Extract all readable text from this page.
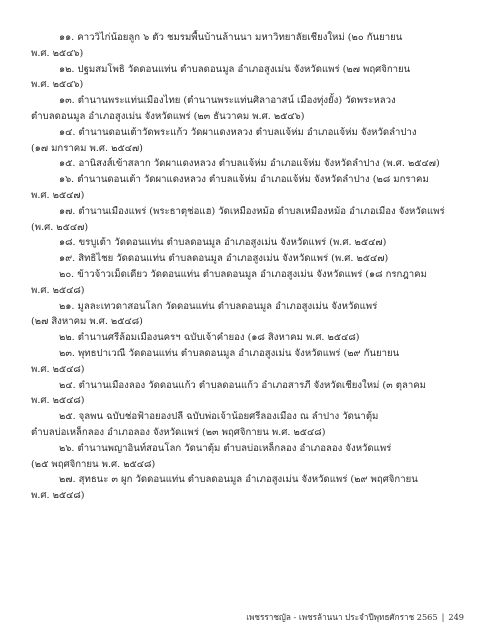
๑๑. คาววิไก่น้อยลูก ๖ ตัว ชมรมพื้นบ้านล้านนา มหาวิทยาลัยเชียงใหม่ (๒๐ กันยายน
พ.ศ. ๒๕๔๖)
๑๒. ปฐมสมโพธิ วัดดอนแท่น ตำบลดอนมูล อำเภอสูงเม่น จังหวัดแพร่ (๒๗ พฤศจิกายน
พ.ศ. ๒๕๔๖)
๑๓. ตำนานพระแท่นเมืองไทย (ตำนานพระแท่นศิลาอาสน์ เมืองทุ่งยั้ง) วัดพระหลวง
ตำบลดอนมูล อำเภอสูงเม่น จังหวัดแพร่ (๒๓ ธันวาคม พ.ศ. ๒๕๔๖)
๑๔. ตำนานดอนเต้าวัดพระแก้ว วัดผาแดงหลวง ตำบลแจ้ห่ม อำเภอแจ้ห่ม จังหวัดลำปาง
(๑๗ มกราคม พ.ศ. ๒๕๔๗)
๑๕. อานิสงส์เข้าสลาก วัดผาแดงหลวง ตำบลแจ้ห่ม อำเภอแจ้ห่ม จังหวัดลำปาง (พ.ศ. ๒๕๔๗)
๑๖. ตำนานดอนเต้า วัดผาแดงหลวง ตำบลแจ้ห่ม อำเภอแจ้ห่ม จังหวัดลำปาง (๒๘ มกราคม
พ.ศ. ๒๕๔๗)
๑๗. ตำนานเมืองแพร่ (พระธาตุช่อแฮ) วัดเหมืองหม้อ ตำบลเหมืองหม้อ อำเภอเมือง จังหวัดแพร่
(พ.ศ. ๒๕๔๗)
๑๘. ขรบูเต้า วัดดอนแท่น ตำบลดอนมูล อำเภอสูงเม่น จังหวัดแพร่ (พ.ศ. ๒๕๔๗)
๑๙. สิทธิไชย วัดดอนแท่น ตำบลดอนมูล อำเภอสูงเม่น จังหวัดแพร่ (พ.ศ. ๒๕๔๗)
๒๐. ข้าวจ้าวเม็ดเดียว วัดดอนแท่น ตำบลดอนมูล อำเภอสูงเม่น จังหวัดแพร่ (๑๘ กรกฎาคม
พ.ศ. ๒๕๔๘)
๒๑. มูลละเทวดาสอนโลก วัดดอนแท่น ตำบลดอนมูล อำเภอสูงเม่น จังหวัดแพร่
(๒๗ สิงหาคม พ.ศ. ๒๕๔๘)
๒๒. ตำนานศรีล้อมเมืองนครฯ ฉบับเจ้าคำยอง (๑๘ สิงหาคม พ.ศ. ๒๕๔๘)
๒๓. พุทธปาเวณี วัดดอนแท่น ตำบลดอนมูล อำเภอสูงเม่น จังหวัดแพร่ (๒๙ กันยายน
พ.ศ. ๒๕๔๘)
๒๔. ตำนานเมืองลอง วัดดอนแก้ว ตำบลดอนแก้ว อำเภอสารภี จังหวัดเชียงใหม่ (๓ ตุลาคม
พ.ศ. ๒๕๔๘)
๒๕. จุลพน ฉบับช่อฟ้าอยองปลี ฉบับพ่อเจ้าน้อยศรีลองเมือง ณ ลำปาง วัดนาตุ้ม
ตำบลบ่อเหล็กลอง อำเภอลอง จังหวัดแพร่ (๒๓ พฤศจิกายน พ.ศ. ๒๕๔๘)
๒๖. ตำนานพญาอินท์สอนโลก วัดนาตุ้ม ตำบลบ่อเหล็กลอง อำเภอลอง จังหวัดแพร่
(๒๕ พฤศจิกายน พ.ศ. ๒๕๔๘)
๒๗. สุทธนะ ๓ ผูก วัดดอนแท่น ตำบลดอนมูล อำเภอสูงเม่น จังหวัดแพร่ (๒๙ พฤศจิกายน
พ.ศ. ๒๕๔๘)
เพชรราชญัล - เพชรล้านนา ประจำปีพุทธศักราช 2565 | 249
